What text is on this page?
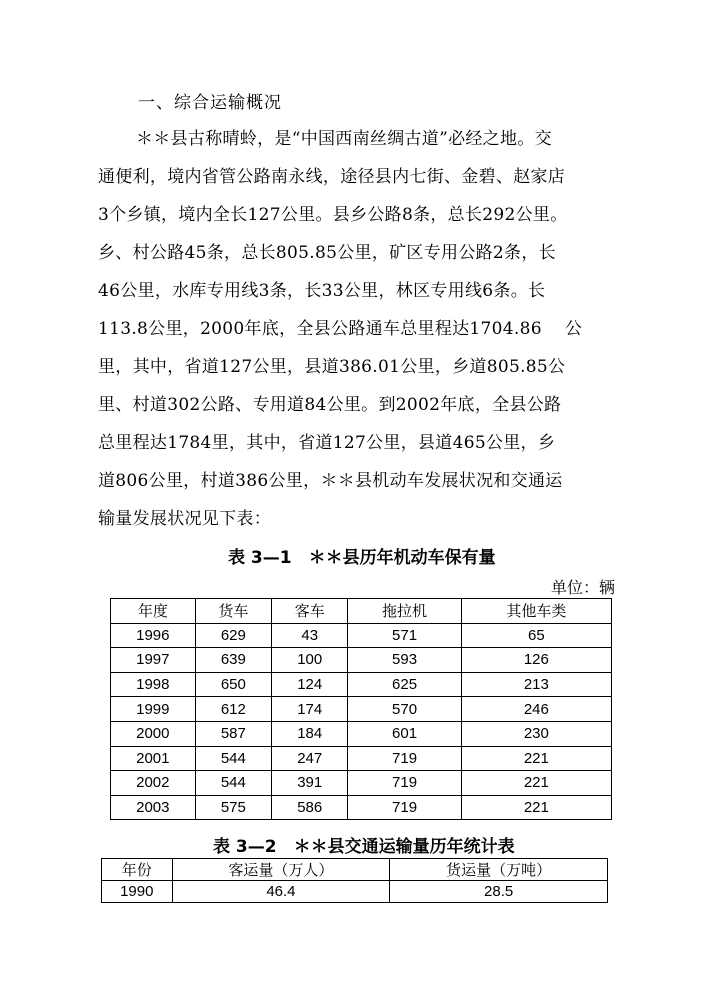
一、综合运输概况
＊＊县古称晴蛉，是“中国西南丝绸古道”必经之地。交
通便利，境内省管公路南永线，途径县内七街、金碧、赵家店
3个乡镇，境内全长127公里。县乡公路8条，总长292公里。
乡、村公路45条，总长805.85公里，矿区专用公路2条，长
46公里，水库专用线3条，长33公里，林区专用线6条。长
113.8公里，2000年底，全县公路通车总里程达1704.86　 公
里，其中，省道127公里，县道386.01公里，乡道805.85公
里、村道302公路、专用道84公里。到2002年底，全县公路
总里程达1784里，其中，省道127公里，县道465公里，乡
道806公里，村道386公里，＊＊县机动车发展状况和交通运
输量发展状况见下表：
表 3—1　＊＊县历年机动车保有量
单位：辆
年度	货车	客车	拖拉机	其他车类
1996	629	43	571	65
1997	639	100	593	126
1998	650	124	625	213
1999	612	174	570	246
2000	587	184	601	230
2001	544	247	719	221
2002	544	391	719	221
2003	575	586	719	221
表 3—2　＊＊县交通运输量历年统计表
年份	客运量（万人）	货运量（万吨）
1990	46.4	28.5
